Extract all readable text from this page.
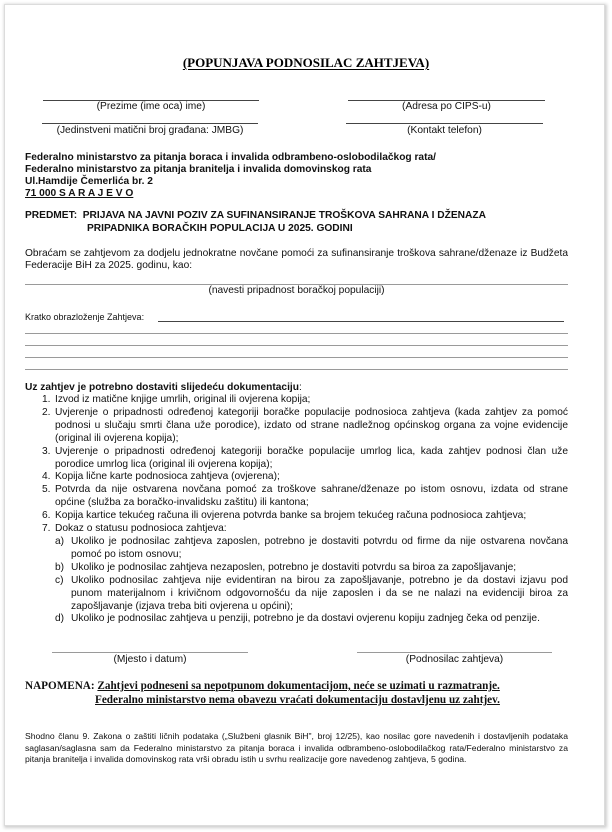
(POPUNJAVA PODNOSILAC ZAHTJEVA)
(Prezime (ime oca) ime)	(Adresa po CIPS-u)
(Jedinstveni matični broj građana: JMBG)	(Kontakt telefon)
Federalno ministarstvo za pitanja boraca i invalida odbrambeno-oslobodilačkog rata/
Federalno ministarstvo za pitanja branitelja i invalida domovinskog rata
Ul.Hamdije Čemerlića br. 2
71 000 S A R A J E V O
PREDMET:  PRIJAVA NA JAVNI POZIV ZA SUFINANSIRANJE TROŠKOVA SAHRANA I DŽENAZA
PRIPADNIKA BORAČKIH POPULACIJA U 2025. GODINI
Obraćam se zahtjevom za dodjelu jednokratne novčane pomoći za sufinansiranje troškova sahrane/dženaze iz Budžeta Federacije BiH za 2025. godinu, kao:
(navesti pripadnost boračkoj populaciji)
Kratko obrazloženje Zahtjeva:
Uz zahtjev je potrebno dostaviti slijedeću dokumentaciju:
1. Izvod iz matične knjige umrlih, original ili ovjerena kopija;
2. Uvjerenje o pripadnosti određenoj kategoriji boračke populacije podnosioca zahtjeva (kada zahtjev za pomoć podnosi u slučaju smrti člana uže porodice), izdato od strane nadležnog općinskog organa za vojne evidencije (original ili ovjerena kopija);
3. Uvjerenje o pripadnosti određenoj kategoriji boračke populacije umrlog lica, kada zahtjev podnosi član uže porodice umrlog lica (original ili ovjerena kopija);
4. Kopija lične karte podnosioca zahtjeva (ovjerena);
5. Potvrda da nije ostvarena novčana pomoć za troškove sahrane/dženaze po istom osnovu, izdata od strane općine (služba za boračko-invalidsku zaštitu) ili kantona;
6. Kopija kartice tekućeg računa ili ovjerena potvrda banke sa brojem tekućeg računa podnosioca zahtjeva;
7. Dokaz o statusu podnosioca zahtjeva:
a) Ukoliko je podnosilac zahtjeva zaposlen, potrebno je dostaviti potvrdu od firme da nije ostvarena novčana pomoć po istom osnovu;
b) Ukoliko je podnosilac zahtjeva nezaposlen, potrebno je dostaviti potvrdu sa biroa za zapošljavanje;
c) Ukoliko podnosilac zahtjeva nije evidentiran na birou za zapošljavanje, potrebno je da dostavi izjavu pod punom materijalnom i krivičnom odgovornošću da nije zaposlen i da se ne nalazi na evidenciji biroa za zapošljavanje (izjava treba biti ovjerena u općini);
d) Ukoliko je podnosilac zahtjeva u penziji, potrebno je da dostavi ovjerenu kopiju zadnjeg čeka od penzije.
(Mjesto i datum)	(Podnosilac zahtjeva)
NAPOMENA: Zahtjevi podneseni sa nepotpunom dokumentacijom, neće se uzimati u razmatranje.
Federalno ministarstvo nema obavezu vraćati dokumentaciju dostavljenu uz zahtjev.
Shodno članu 9. Zakona o zaštiti ličnih podataka („Službeni glasnik BiH", broj 12/25), kao nosilac gore navedenih i dostavljenih podataka saglasan/saglasna sam da Federalno ministarstvo za pitanja boraca i invalida odbrambeno-oslobodilačkog rata/Federalno ministarstvo za pitanja branitelja i invalida domovinskog rata vrši obradu istih u svrhu realizacije gore navedenog zahtjeva, 5 godina.
